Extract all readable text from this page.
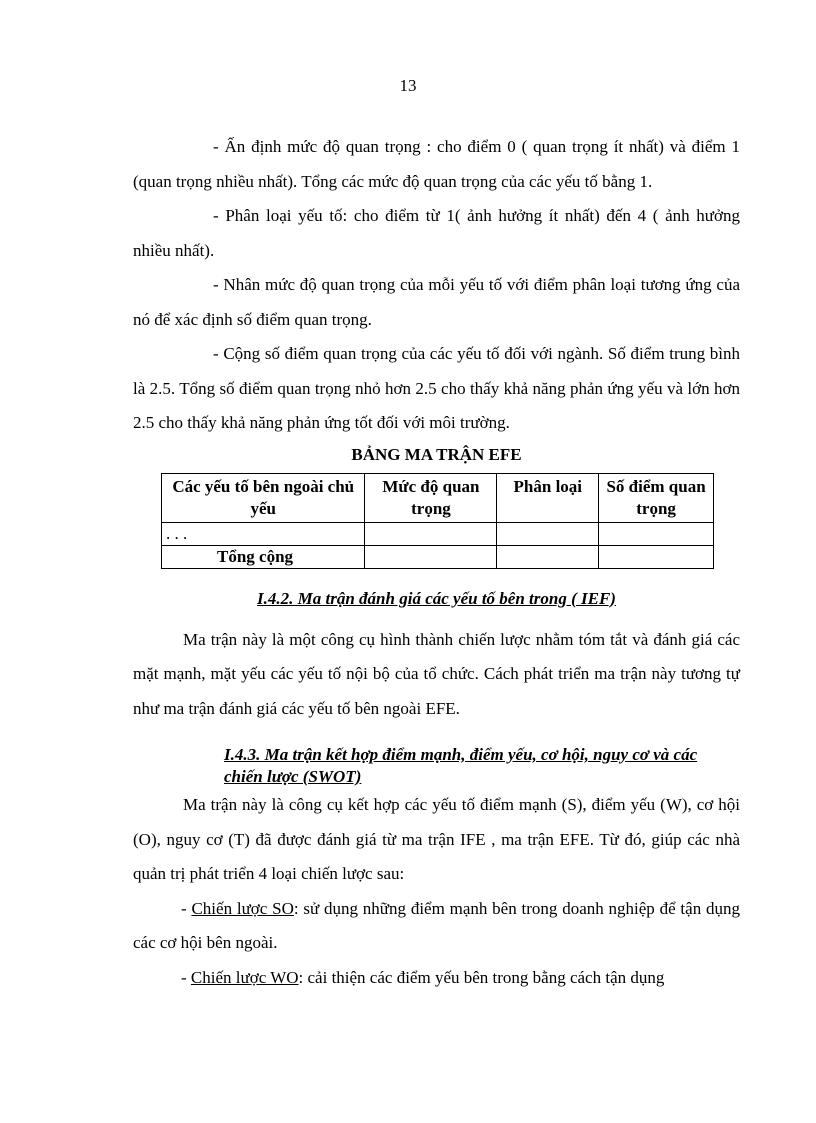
13

- Ấn định mức độ quan trọng : cho điểm 0 ( quan trọng ít nhất) và điểm 1 (quan trọng nhiều nhất). Tổng các mức độ quan trọng của các yếu tố bằng 1.

- Phân loại yếu tố: cho điểm từ 1( ảnh hưởng ít nhất) đến 4 ( ảnh hưởng nhiều nhất).

- Nhân mức độ quan trọng của mỗi yếu tố với điểm phân loại tương ứng của nó để xác định số điểm quan trọng.

- Cộng số điểm quan trọng của các yếu tố đối với ngành. Số điểm trung bình là 2.5. Tổng số điểm quan trọng nhỏ hơn 2.5 cho thấy khả năng phản ứng yếu và lớn hơn 2.5 cho thấy khả năng phản ứng tốt đối với môi trường.

BẢNG MA TRẬN EFE
Các yếu tố bên ngoài chủ yếu	Mức độ quan trọng	Phân loại	Số điểm quan trọng
. . .			
Tổng cộng			
I.4.2. Ma trận đánh giá các yếu tố bên trong ( IEF)

Ma trận này là một công cụ hình thành chiến lược nhằm tóm tắt và đánh giá các mặt mạnh, mặt yếu các yếu tố nội bộ của tổ chức. Cách phát triển ma trận này tương tự như ma trận đánh giá các yếu tố bên ngoài EFE.

I.4.3. Ma trận kết hợp điểm mạnh, điểm yếu, cơ hội, nguy cơ và các chiến lược (SWOT)

Ma trận này là công cụ kết hợp các yếu tố điểm mạnh (S), điểm yếu (W), cơ hội (O), nguy cơ (T) đã được đánh giá từ ma trận IFE , ma trận EFE. Từ đó, giúp các nhà quản trị phát triển 4 loại chiến lược sau:

- Chiến lược SO: sử dụng những điểm mạnh bên trong doanh nghiệp để tận dụng các cơ hội bên ngoài.

- Chiến lược WO: cải thiện các điểm yếu bên trong bằng cách tận dụng
